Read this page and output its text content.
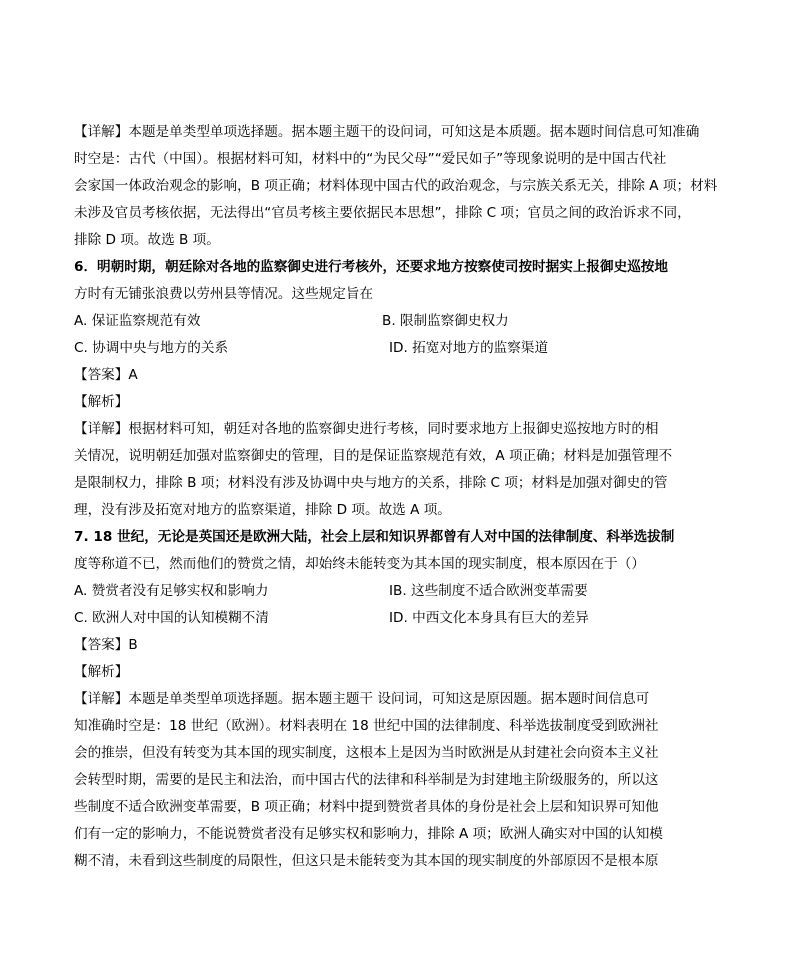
【详解】本题是单类型单项选择题。据本题主题干的设问词，可知这是本质题。据本题时间信息可知准确
时空是：古代（中国）。根据材料可知，材料中的“为民父母”“爱民如子”等现象说明的是中国古代社
会家国一体政治观念的影响，B 项正确；材料体现中国古代的政治观念，与宗族关系无关，排除 A 项；材料
未涉及官员考核依据，无法得出“官员考核主要依据民本思想”，排除 C 项；官员之间的政治诉求不同，
排除 D 项。故选 B 项。
6．明朝时期，朝廷除对各地的监察御史进行考核外，还要求地方按察使司按时据实上报御史巡按地
方时有无铺张浪费以劳州县等情况。这些规定旨在
A. 保证监察规范有效	B. 限制监察御史权力
C. 协调中央与地方的关系	ID. 拓宽对地方的监察渠道
【答案】A
【解析】
【详解】根据材料可知，朝廷对各地的监察御史进行考核，同时要求地方上报御史巡按地方时的相
关情况，说明朝廷加强对监察御史的管理，目的是保证监察规范有效，A 项正确；材料是加强管理不
是限制权力，排除 B 项；材料没有涉及协调中央与地方的关系，排除 C 项；材料是加强对御史的管
理，没有涉及拓宽对地方的监察渠道，排除 D 项。故选 A 项。
7. 18 世纪，无论是英国还是欧洲大陆，社会上层和知识界都曾有人对中国的法律制度、科举选拔制
度等称道不已，然而他们的赞赏之情，却始终未能转变为其本国的现实制度，根本原因在于（）
A. 赞赏者没有足够实权和影响力	IB. 这些制度不适合欧洲变革需要
C. 欧洲人对中国的认知模糊不清	ID. 中西文化本身具有巨大的差异
【答案】B
【解析】
【详解】本题是单类型单项选择题。据本题主题干 设问词，可知这是原因题。据本题时间信息可
知准确时空是：18 世纪（欧洲）。材料表明在 18 世纪中国的法律制度、科举选拔制度受到欧洲社
会的推崇，但没有转变为其本国的现实制度，这根本上是因为当时欧洲是从封建社会向资本主义社
会转型时期，需要的是民主和法治，而中国古代的法律和科举制是为封建地主阶级服务的，所以这
些制度不适合欧洲变革需要，B 项正确；材料中提到赞赏者具体的身份是社会上层和知识界可知他
们有一定的影响力，不能说赞赏者没有足够实权和影响力，排除 A 项；欧洲人确实对中国的认知模
糊不清，未看到这些制度的局限性，但这只是未能转变为其本国的现实制度的外部原因不是根本原
